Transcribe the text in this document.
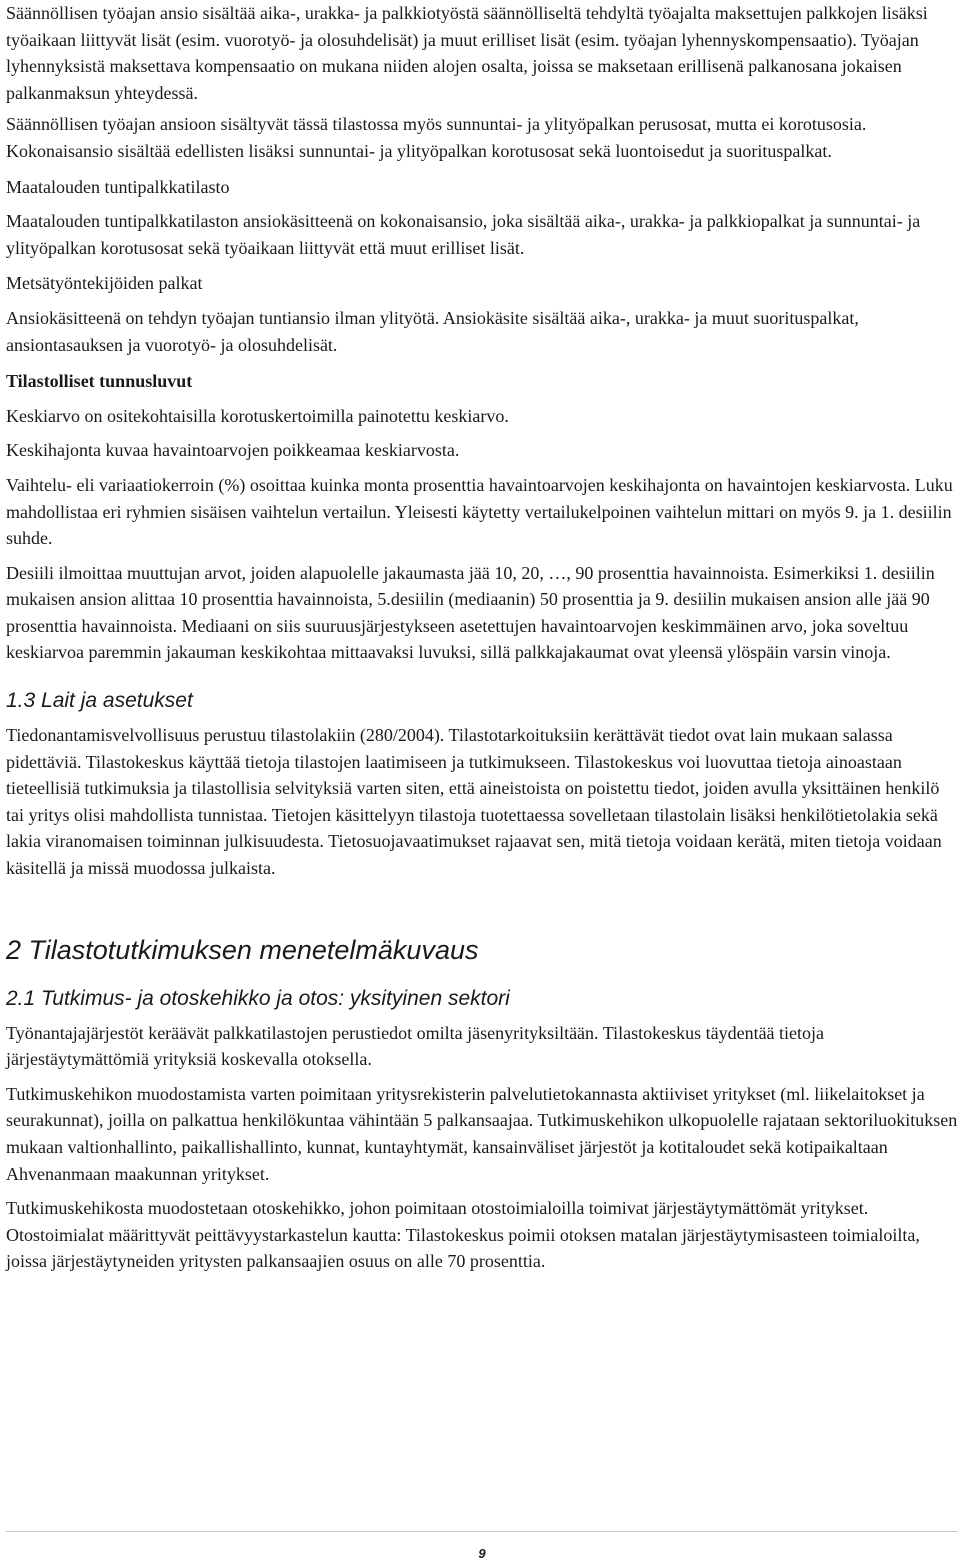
Säännöllisen työajan ansio sisältää aika-, urakka- ja palkkiotyöstä säännölliseltä tehdyltä työajalta maksettujen palkkojen lisäksi työaikaan liittyvät lisät (esim. vuorotyö- ja olosuhdelisät) ja muut erilliset lisät (esim. työajan lyhennyskompensaatio). Työajan lyhennyksistä maksettava kompensaatio on mukana niiden alojen osalta, joissa se maksetaan erillisenä palkanosana jokaisen palkanmaksun yhteydessä.

Säännöllisen työajan ansioon sisältyvät tässä tilastossa myös sunnuntai- ja ylityöpalkan perusosat, mutta ei korotusosia. Kokonaisansio sisältää edellisten lisäksi sunnuntai- ja ylityöpalkan korotusosat sekä luontoisedut ja suorituspalkat.

Maatalouden tuntipalkkatilasto

Maatalouden tuntipalkkatilaston ansiokäsitteenä on kokonaisansio, joka sisältää aika-, urakka- ja palkkiopalkat ja sunnuntai- ja ylityöpalkan korotusosat sekä työaikaan liittyvät että muut erilliset lisät.

Metsätyöntekijöiden palkat

Ansiokäsitteenä on tehdyn työajan tuntiansio ilman ylityötä. Ansiokäsite sisältää aika-, urakka- ja muut suorituspalkat, ansiontasauksen ja vuorotyö- ja olosuhdelisät.

Tilastolliset tunnusluvut

Keskiarvo on ositekohtaisilla korotuskertoimilla painotettu keskiarvo.

Keskihajonta kuvaa havaintoarvojen poikkeamaa keskiarvosta.

Vaihtelu- eli variaatiokerroin (%) osoittaa kuinka monta prosenttia havaintoarvojen keskihajonta on havaintojen keskiarvosta. Luku mahdollistaa eri ryhmien sisäisen vaihtelun vertailun. Yleisesti käytetty vertailukelpoinen vaihtelun mittari on myös 9. ja 1. desiilin suhde.

Desiili ilmoittaa muuttujan arvot, joiden alapuolelle jakaumasta jää 10, 20, …, 90 prosenttia havainnoista. Esimerkiksi 1. desiilin mukaisen ansion alittaa 10 prosenttia havainnoista, 5.desiilin (mediaanin) 50 prosenttia ja 9. desiilin mukaisen ansion alle jää 90 prosenttia havainnoista. Mediaani on siis suuruusjärjestykseen asetettujen havaintoarvojen keskimmäinen arvo, joka soveltuu keskiarvoa paremmin jakauman keskikohtaa mittaavaksi luvuksi, sillä palkkajakaumat ovat yleensä ylöspäin varsin vinoja.

1.3 Lait ja asetukset

Tiedonantamisvelvollisuus perustuu tilastolakiin (280/2004). Tilastotarkoituksiin kerättävät tiedot ovat lain mukaan salassa pidettäviä. Tilastokeskus käyttää tietoja tilastojen laatimiseen ja tutkimukseen. Tilastokeskus voi luovuttaa tietoja ainoastaan tieteellisiä tutkimuksia ja tilastollisia selvityksiä varten siten, että aineistoista on poistettu tiedot, joiden avulla yksittäinen henkilö tai yritys olisi mahdollista tunnistaa. Tietojen käsittelyyn tilastoja tuotettaessa sovelletaan tilastolain lisäksi henkilötietolakia sekä lakia viranomaisen toiminnan julkisuudesta. Tietosuojavaatimukset rajaavat sen, mitä tietoja voidaan kerätä, miten tietoja voidaan käsitellä ja missä muodossa julkaista.

2 Tilastotutkimuksen menetelmäkuvaus
2.1 Tutkimus- ja otoskehikko ja otos: yksityinen sektori

Työnantajajärjestöt keräävät palkkatilastojen perustiedot omilta jäsenyrityksiltään. Tilastokeskus täydentää tietoja järjestäytymättömiä yrityksiä koskevalla otoksella.

Tutkimuskehikon muodostamista varten poimitaan yritysrekisterin palvelutietokannasta aktiiviset yritykset (ml. liikelaitokset ja seurakunnat), joilla on palkattua henkilökuntaa vähintään 5 palkansaajaa. Tutkimuskehikon ulkopuolelle rajataan sektoriluokituksen mukaan valtionhallinto, paikallishallinto, kunnat, kuntayhtymät, kansainväliset järjestöt ja kotitaloudet sekä kotipaikaltaan Ahvenanmaan maakunnan yritykset.

Tutkimuskehikosta muodostetaan otoskehikko, johon poimitaan otostoimialoilla toimivat järjestäytymättömät yritykset. Otostoimialat määrittyvät peittävyystarkastelun kautta: Tilastokeskus poimii otoksen matalan järjestäytymisasteen toimialoilta, joissa järjestäytyneiden yritysten palkansaajien osuus on alle 70 prosenttia.

9
